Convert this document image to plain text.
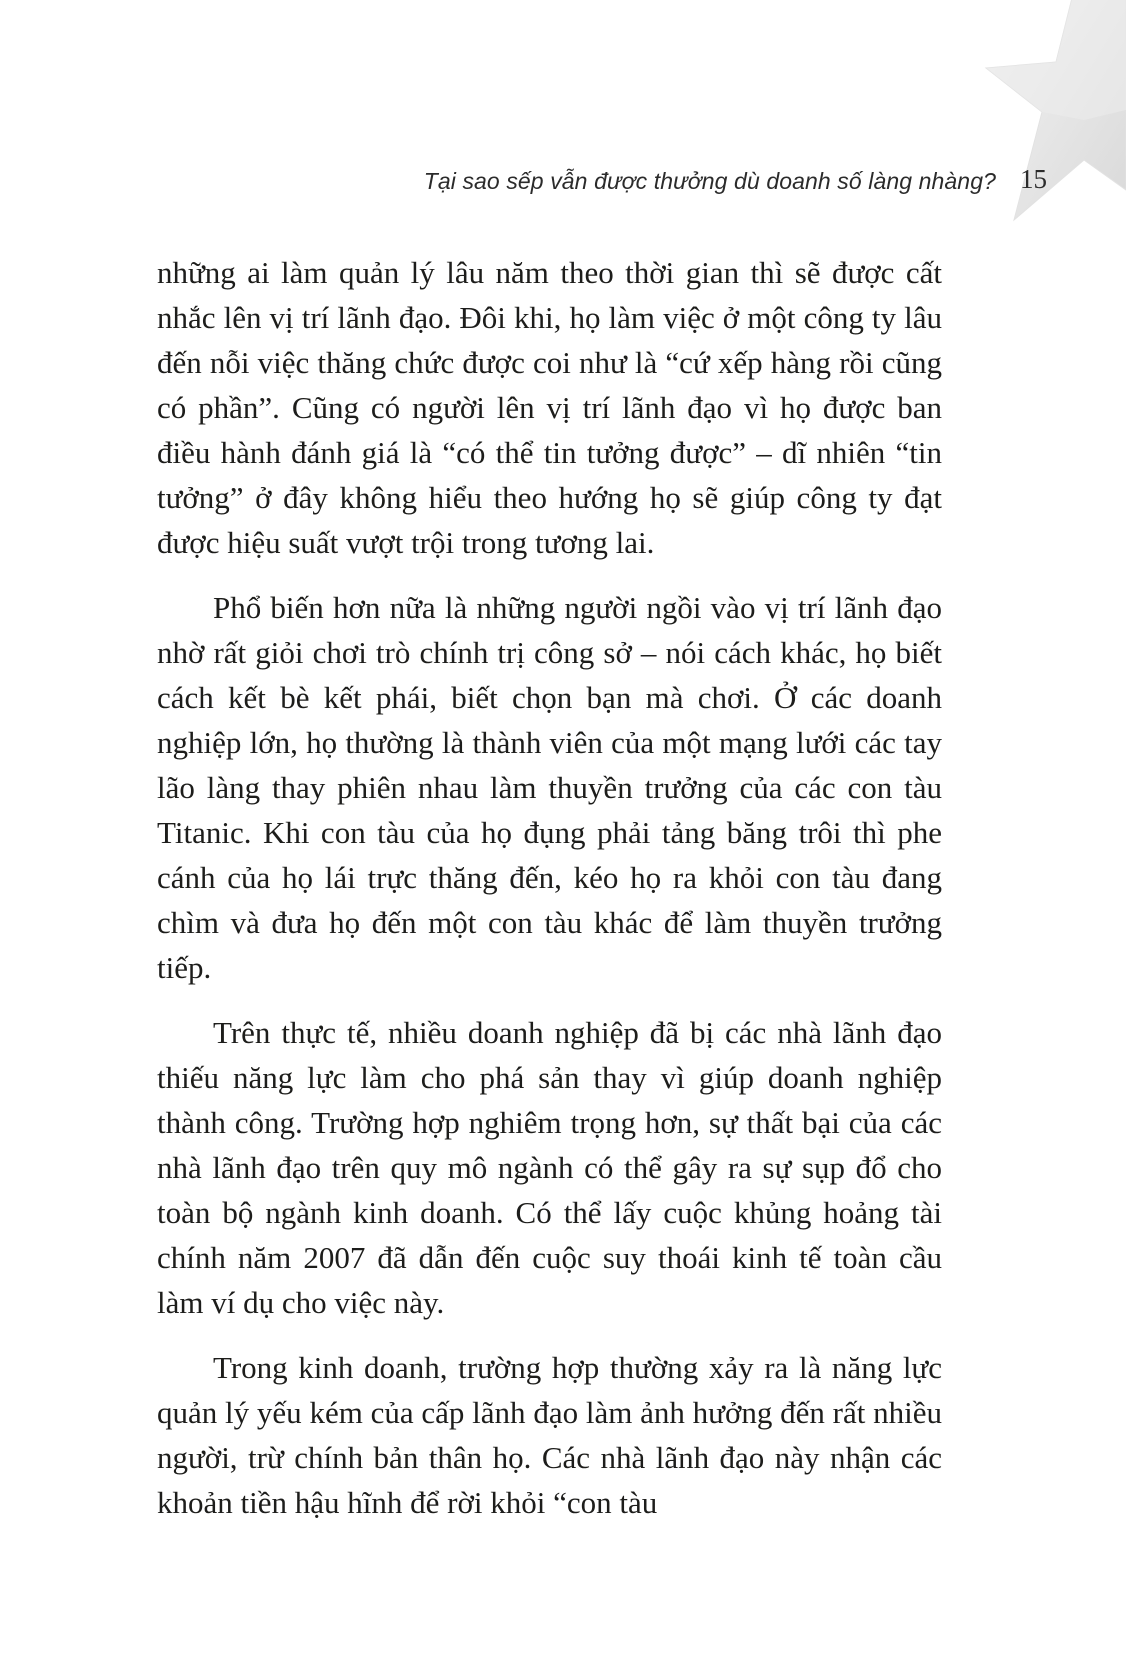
Tại sao sếp vẫn được thưởng dù doanh số làng nhàng? 15

những ai làm quản lý lâu năm theo thời gian thì sẽ được cất nhắc lên vị trí lãnh đạo. Đôi khi, họ làm việc ở một công ty lâu đến nỗi việc thăng chức được coi như là “cứ xếp hàng rồi cũng có phần”. Cũng có người lên vị trí lãnh đạo vì họ được ban điều hành đánh giá là “có thể tin tưởng được” – dĩ nhiên “tin tưởng” ở đây không hiểu theo hướng họ sẽ giúp công ty đạt được hiệu suất vượt trội trong tương lai.

Phổ biến hơn nữa là những người ngồi vào vị trí lãnh đạo nhờ rất giỏi chơi trò chính trị công sở – nói cách khác, họ biết cách kết bè kết phái, biết chọn bạn mà chơi. Ở các doanh nghiệp lớn, họ thường là thành viên của một mạng lưới các tay lão làng thay phiên nhau làm thuyền trưởng của các con tàu Titanic. Khi con tàu của họ đụng phải tảng băng trôi thì phe cánh của họ lái trực thăng đến, kéo họ ra khỏi con tàu đang chìm và đưa họ đến một con tàu khác để làm thuyền trưởng tiếp.

Trên thực tế, nhiều doanh nghiệp đã bị các nhà lãnh đạo thiếu năng lực làm cho phá sản thay vì giúp doanh nghiệp thành công. Trường hợp nghiêm trọng hơn, sự thất bại của các nhà lãnh đạo trên quy mô ngành có thể gây ra sự sụp đổ cho toàn bộ ngành kinh doanh. Có thể lấy cuộc khủng hoảng tài chính năm 2007 đã dẫn đến cuộc suy thoái kinh tế toàn cầu làm ví dụ cho việc này.

Trong kinh doanh, trường hợp thường xảy ra là năng lực quản lý yếu kém của cấp lãnh đạo làm ảnh hưởng đến rất nhiều người, trừ chính bản thân họ. Các nhà lãnh đạo này nhận các khoản tiền hậu hĩnh để rời khỏi “con tàu
